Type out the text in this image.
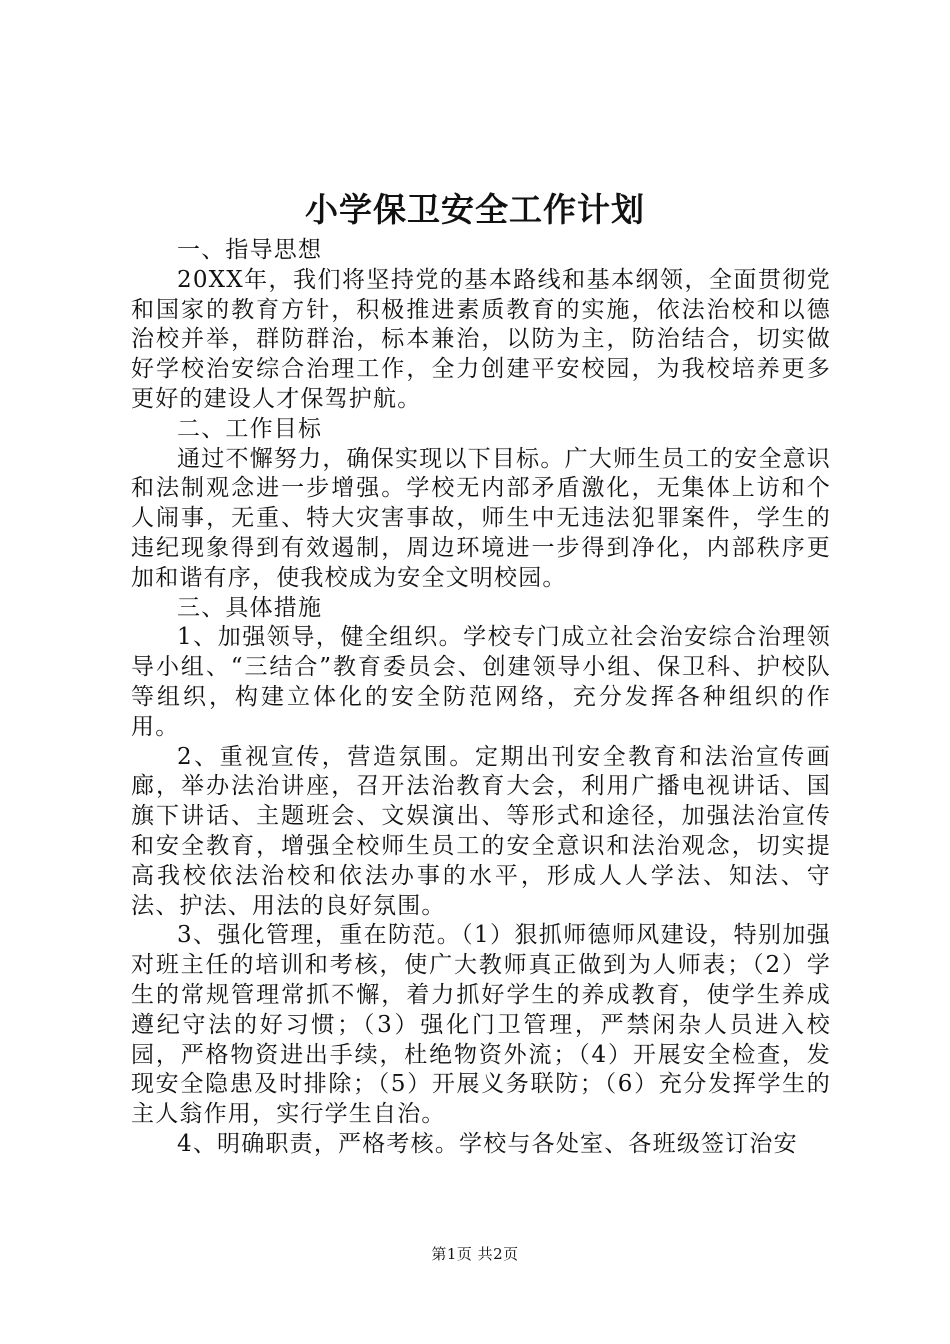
小学保卫安全工作计划

一、指导思想

20XX年，我们将坚持党的基本路线和基本纲领，全面贯彻党和国家的教育方针，积极推进素质教育的实施，依法治校和以德治校并举，群防群治，标本兼治，以防为主，防治结合，切实做好学校治安综合治理工作，全力创建平安校园，为我校培养更多更好的建设人才保驾护航。

二、工作目标

通过不懈努力，确保实现以下目标。广大师生员工的安全意识和法制观念进一步增强。学校无内部矛盾激化，无集体上访和个人闹事，无重、特大灾害事故，师生中无违法犯罪案件，学生的违纪现象得到有效遏制，周边环境进一步得到净化，内部秩序更加和谐有序，使我校成为安全文明校园。

三、具体措施

1、加强领导，健全组织。学校专门成立社会治安综合治理领导小组、“三结合”教育委员会、创建领导小组、保卫科、护校队等组织，构建立体化的安全防范网络，充分发挥各种组织的作用。

2、重视宣传，营造氛围。定期出刊安全教育和法治宣传画廊，举办法治讲座，召开法治教育大会，利用广播电视讲话、国旗下讲话、主题班会、文娱演出、等形式和途径，加强法治宣传和安全教育，增强全校师生员工的安全意识和法治观念，切实提高我校依法治校和依法办事的水平，形成人人学法、知法、守法、护法、用法的良好氛围。

3、强化管理，重在防范。（1）狠抓师德师风建设，特别加强对班主任的培训和考核，使广大教师真正做到为人师表；（2）学生的常规管理常抓不懈，着力抓好学生的养成教育，使学生养成遵纪守法的好习惯；（3）强化门卫管理，严禁闲杂人员进入校园，严格物资进出手续，杜绝物资外流；（4）开展安全检查，发现安全隐患及时排除；（5）开展义务联防；（6）充分发挥学生的主人翁作用，实行学生自治。

4、明确职责，严格考核。学校与各处室、各班级签订治安

第1页 共2页
